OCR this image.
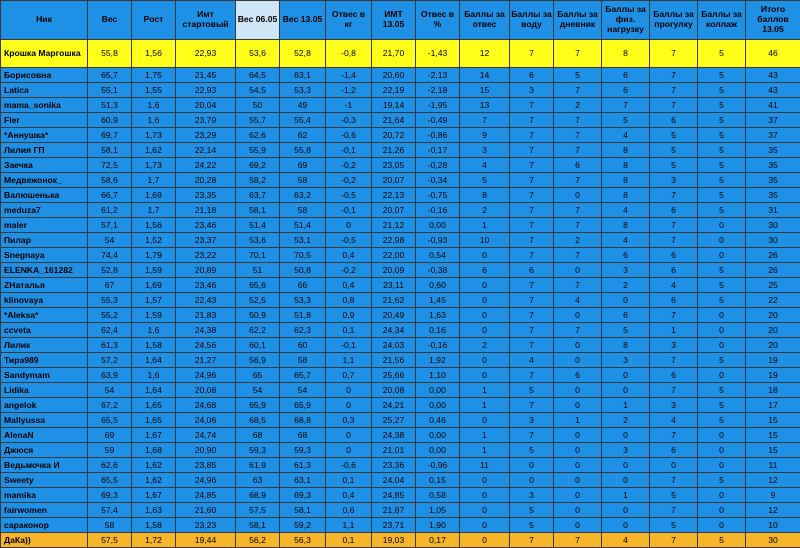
Ник	Вес	Рост	Имт стартовый	Вес 06.05	Вес 13.05	Отвес в кг	ИМТ 13.05	Отвес в %	Баллы за отвес	Баллы за воду	Баллы за дневник	Баллы за физ. нагрузку	Баллы за прогулку	Баллы за коллаж	Итого баллов 13.05
Крошка Маргошка	55,8	1,56	22,93	53,6	52,8	-0,8	21,70	-1,43	12	7	7	8	7	5	46
Борисовна	65,7	1,75	21,45	64,5	63,1	-1,4	20,60	-2,13	14	6	5	6	7	5	43
Latica	55,1	1,55	22,93	54,5	53,3	-1,2	22,19	-2,18	15	3	7	6	7	5	43
mama_sonika	51,3	1,6	20,04	50	49	-1	19,14	-1,95	13	7	2	7	7	5	41
Fler	60,9	1,6	23,79	55,7	55,4	-0,3	21,64	-0,49	7	7	7	5	6	5	37
*Аннушка*	69,7	1,73	23,29	62,6	62	-0,6	20,72	-0,86	9	7	7	4	5	5	37
Лилия ГП	58,1	1,62	22,14	55,9	55,8	-0,1	21,26	-0,17	3	7	7	8	5	5	35
Заечка	72,5	1,73	24,22	69,2	69	-0,2	23,05	-0,28	4	7	6	8	5	5	35
Медвежонок_	58,6	1,7	20,28	58,2	58	-0,2	20,07	-0,34	5	7	7	8	3	5	35
Валюшенька	66,7	1,69	23,35	63,7	63,2	-0,5	22,13	-0,75	8	7	0	8	7	5	35
meduza7	61,2	1,7	21,18	58,1	58	-0,1	20,07	-0,16	2	7	7	4	6	5	31
maler	57,1	1,56	23,46	51,4	51,4	0	21,12	0,00	1	7	7	8	7	0	30
Пилар	54	1,52	23,37	53,6	53,1	-0,5	22,98	-0,93	10	7	2	4	7	0	30
Snegnaya	74,4	1,79	23,22	70,1	70,5	0,4	22,00	0,54	0	7	7	6	6	0	26
ELENKA_161282	52,8	1,59	20,89	51	50,8	-0,2	20,09	-0,38	6	6	0	3	6	5	26
ZНаталья	67	1,69	23,46	65,6	66	0,4	23,11	0,60	0	7	7	2	4	5	25
klinovaya	55,3	1,57	22,43	52,5	53,3	0,8	21,62	1,45	0	7	4	0	6	5	22
*Aleksa*	55,2	1,59	21,83	50,9	51,8	0,9	20,49	1,63	0	7	0	6	7	0	20
ccveta	62,4	1,6	24,38	62,2	62,3	0,1	24,34	0,16	0	7	7	5	1	0	20
Лилик	61,3	1,58	24,56	60,1	60	-0,1	24,03	-0,16	2	7	0	8	3	0	20
Тира989	57,2	1,64	21,27	56,9	58	1,1	21,56	1,92	0	4	0	3	7	5	19
Sandymam	63,9	1,6	24,96	65	65,7	0,7	25,66	1,10	0	7	6	0	6	0	19
Lidika	54	1,64	20,08	54	54	0	20,08	0,00	1	5	0	0	7	5	18
angelok	67,2	1,65	24,68	65,9	65,9	0	24,21	0,00	1	7	0	1	3	5	17
Mallyussa	65,5	1,65	24,06	68,5	68,8	0,3	25,27	0,46	0	3	1	2	4	5	15
AlenaN	69	1,67	24,74	68	68	0	24,38	0,00	1	7	0	0	7	0	15
Джюся	59	1,68	20,90	59,3	59,3	0	21,01	0,00	1	5	0	3	6	0	15
Ведьмочка И	62,6	1,62	23,85	61,9	61,3	-0,6	23,36	-0,96	11	0	0	0	0	0	11
Sweety	65,5	1,62	24,96	63	63,1	0,1	24,04	0,15	0	0	0	0	7	5	12
mamika	69,3	1,67	24,85	68,9	69,3	0,4	24,85	0,58	0	3	0	1	5	0	9
fairwomen	57,4	1,63	21,60	57,5	58,1	0,6	21,87	1,05	0	5	0	0	7	0	12
сараконор	58	1,58	23,23	58,1	59,2	1,1	23,71	1,90	0	5	0	0	5	0	10
ДаКа))	57,5	1,72	19,44	56,2	56,3	0,1	19,03	0,17	0	7	7	4	7	5	30
